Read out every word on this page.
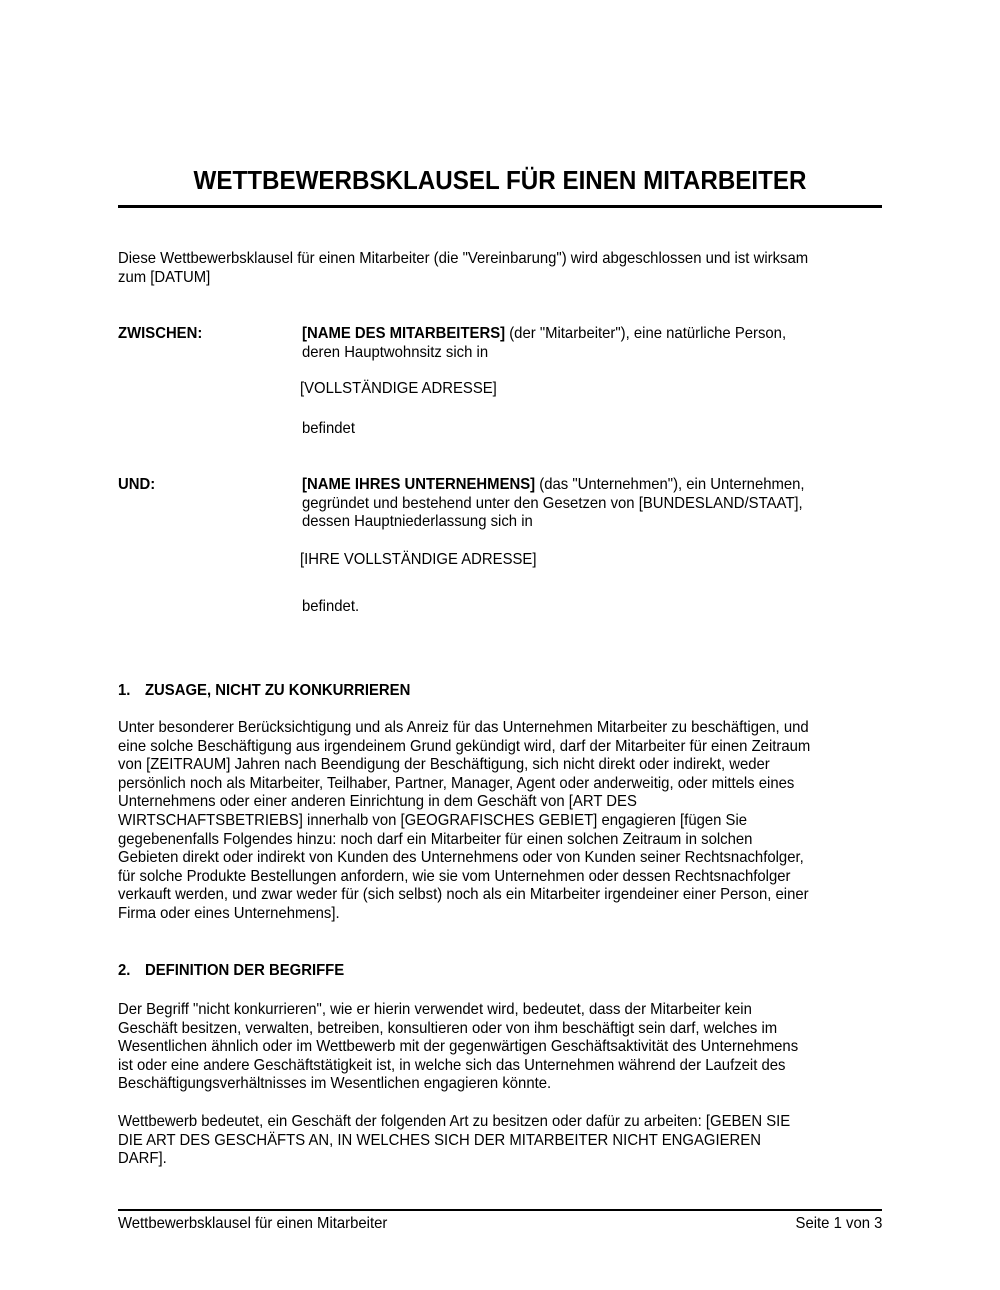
WETTBEWERBSKLAUSEL FÜR EINEN MITARBEITER
Diese Wettbewerbsklausel für einen Mitarbeiter (die "Vereinbarung") wird abgeschlossen und ist wirksam
zum [DATUM]
ZWISCHEN:	[NAME DES MITARBEITERS] (der "Mitarbeiter"), eine natürliche Person,
deren Hauptwohnsitz sich in
[VOLLSTÄNDIGE ADRESSE]
befindet
UND:	[NAME IHRES UNTERNEHMENS] (das "Unternehmen"), ein Unternehmen,
gegründet und bestehend unter den Gesetzen von [BUNDESLAND/STAAT],
dessen Hauptniederlassung sich in
[IHRE VOLLSTÄNDIGE ADRESSE]
befindet.
1. ZUSAGE, NICHT ZU KONKURRIEREN
Unter besonderer Berücksichtigung und als Anreiz für das Unternehmen Mitarbeiter zu beschäftigen, und
eine solche Beschäftigung aus irgendeinem Grund gekündigt wird, darf der Mitarbeiter für einen Zeitraum
von [ZEITRAUM] Jahren nach Beendigung der Beschäftigung, sich nicht direkt oder indirekt, weder
persönlich noch als Mitarbeiter, Teilhaber, Partner, Manager, Agent oder anderweitig, oder mittels eines
Unternehmens oder einer anderen Einrichtung in dem Geschäft von [ART DES
WIRTSCHAFTSBETRIEBS] innerhalb von [GEOGRAFISCHES GEBIET] engagieren [fügen Sie
gegebenenfalls Folgendes hinzu: noch darf ein Mitarbeiter für einen solchen Zeitraum in solchen
Gebieten direkt oder indirekt von Kunden des Unternehmens oder von Kunden seiner Rechtsnachfolger,
für solche Produkte Bestellungen anfordern, wie sie vom Unternehmen oder dessen Rechtsnachfolger
verkauft werden, und zwar weder für (sich selbst) noch als ein Mitarbeiter irgendeiner einer Person, einer
Firma oder eines Unternehmens].
2. DEFINITION DER BEGRIFFE
Der Begriff "nicht konkurrieren", wie er hierin verwendet wird, bedeutet, dass der Mitarbeiter kein
Geschäft besitzen, verwalten, betreiben, konsultieren oder von ihm beschäftigt sein darf, welches im
Wesentlichen ähnlich oder im Wettbewerb mit der gegenwärtigen Geschäftsaktivität des Unternehmens
ist oder eine andere Geschäftstätigkeit ist, in welche sich das Unternehmen während der Laufzeit des
Beschäftigungsverhältnisses im Wesentlichen engagieren könnte.
Wettbewerb bedeutet, ein Geschäft der folgenden Art zu besitzen oder dafür zu arbeiten: [GEBEN SIE
DIE ART DES GESCHÄFTS AN, IN WELCHES SICH DER MITARBEITER NICHT ENGAGIEREN
DARF].
Wettbewerbsklausel für einen Mitarbeiter	Seite 1 von 3
